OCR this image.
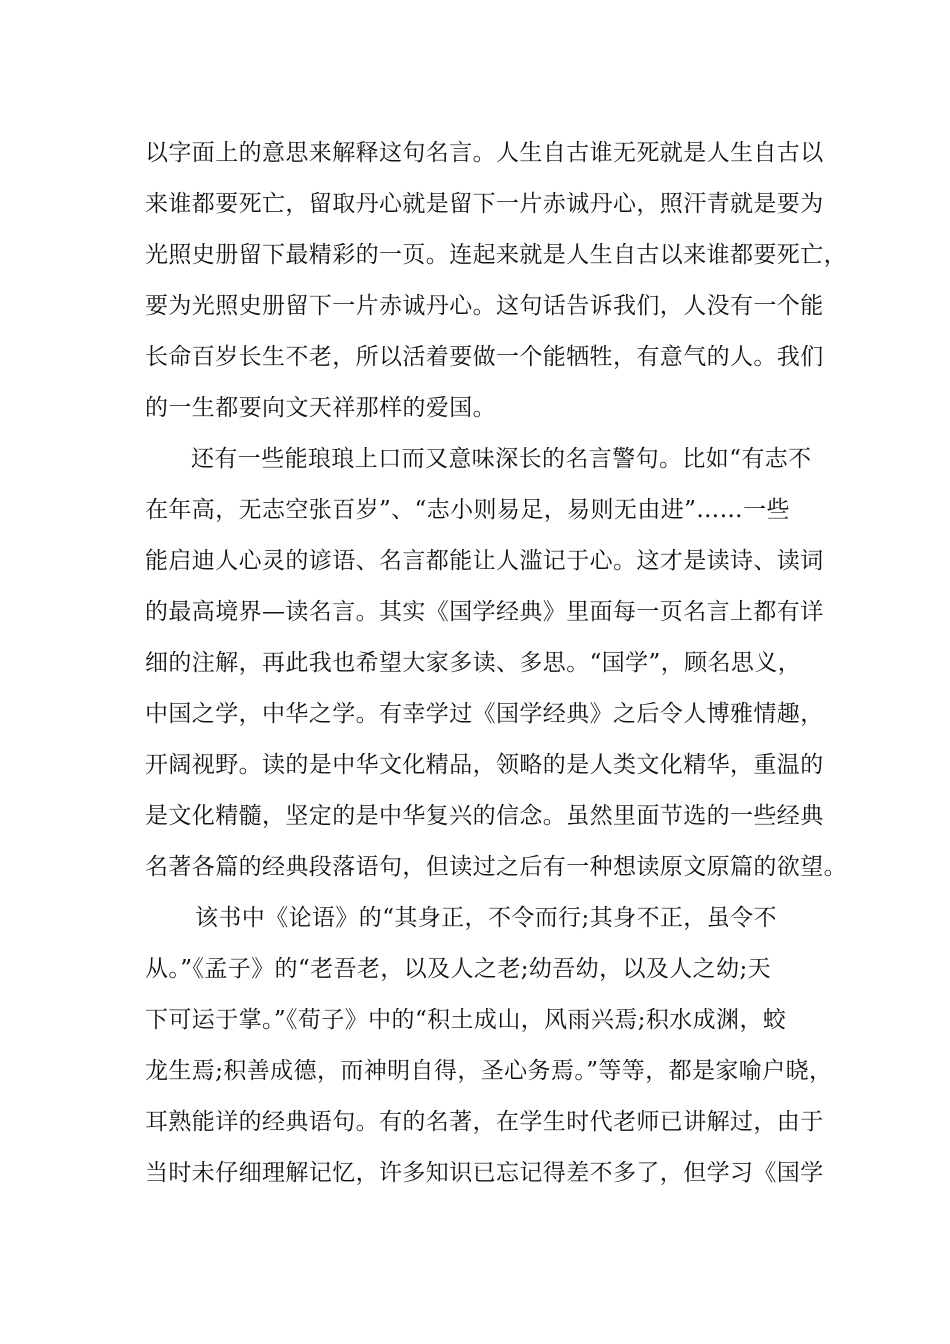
以字面上的意思来解释这句名言。人生自古谁无死就是人生自古以
来谁都要死亡，留取丹心就是留下一片赤诚丹心，照汗青就是要为
光照史册留下最精彩的一页。连起来就是人生自古以来谁都要死亡，
要为光照史册留下一片赤诚丹心。这句话告诉我们，人没有一个能
长命百岁长生不老，所以活着要做一个能牺牲，有意气的人。我们
的一生都要向文天祥那样的爱国。
还有一些能琅琅上口而又意味深长的名言警句。比如“有志不
在年高，无志空张百岁”、“志小则易足，易则无由进”……一些
能启迪人心灵的谚语、名言都能让人滥记于心。这才是读诗、读词
的最高境界—读名言。其实《国学经典》里面每一页名言上都有详
细的注解，再此我也希望大家多读、多思。“国学”，顾名思义，
中国之学，中华之学。有幸学过《国学经典》之后令人博雅情趣，
开阔视野。读的是中华文化精品，领略的是人类文化精华，重温的
是文化精髓，坚定的是中华复兴的信念。虽然里面节选的一些经典
名著各篇的经典段落语句，但读过之后有一种想读原文原篇的欲望。
该书中《论语》的“其身正，不令而行;其身不正，虽令不
从。”《孟子》的“老吾老，以及人之老;幼吾幼，以及人之幼;天
下可运于掌。”《荀子》中的“积土成山，风雨兴焉;积水成渊，蛟
龙生焉;积善成德，而神明自得，圣心务焉。”等等，都是家喻户晓，
耳熟能详的经典语句。有的名著，在学生时代老师已讲解过，由于
当时未仔细理解记忆，许多知识已忘记得差不多了，但学习《国学
